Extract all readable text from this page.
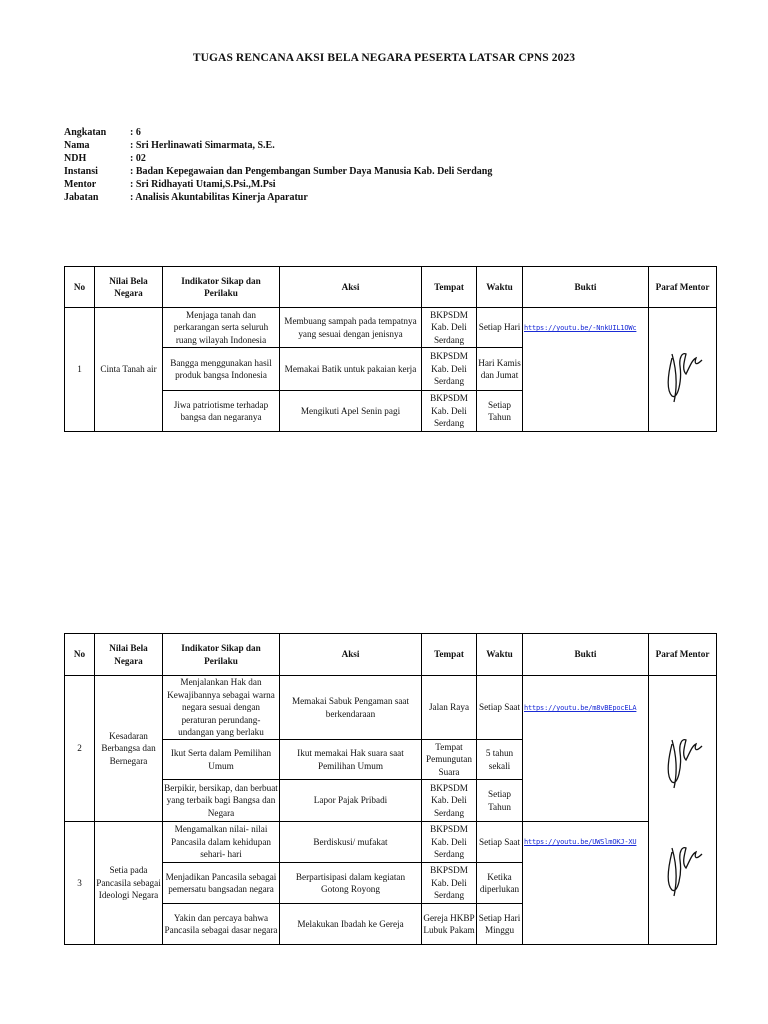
TUGAS RENCANA AKSI BELA NEGARA PESERTA LATSAR CPNS 2023
Angkatan	: 6
Nama	: Sri Herlinawati Simarmata, S.E.
NDH	: 02
Instansi	: Badan Kepegawaian dan Pengembangan Sumber Daya Manusia Kab. Deli Serdang
Mentor	: Sri Ridhayati Utami,S.Psi.,M.Psi
Jabatan	: Analisis Akuntabilitas Kinerja Aparatur
No	Nilai Bela Negara	Indikator Sikap dan Perilaku	Aksi	Tempat	Waktu	Bukti	Paraf Mentor
1	Cinta Tanah air	Menjaga tanah dan perkarangan serta seluruh ruang wilayah Indonesia	Membuang sampah pada tempatnya yang sesuai dengan jenisnya	BKPSDM Kab. Deli Serdang	Setiap Hari	https://youtu.be/-NnkUIL1OWc

		Bangga menggunakan hasil produk bangsa Indonesia	Memakai Batik untuk pakaian kerja	BKPSDM Kab. Deli Serdang	Hari Kamis dan Jumat		
		Jiwa patriotisme terhadap bangsa dan negaranya	Mengikuti Apel Senin pagi	BKPSDM Kab. Deli Serdang	Setiap Tahun		
No	Nilai Bela Negara	Indikator Sikap dan Perilaku	Aksi	Tempat	Waktu	Bukti	Paraf Mentor
2	Kesadaran Berbangsa dan Bernegara	Menjalankan Hak dan Kewajibannya sebagai warna negara sesuai dengan peraturan perundang-undangan yang berlaku	Memakai Sabuk Pengaman saat berkendaraan	Jalan Raya	Setiap Saat	https://youtu.be/m8vBEpocELA

		Ikut Serta dalam Pemilihan Umum	Ikut memakai Hak suara saat Pemilihan Umum	Tempat Pemungutan Suara	5 tahun sekali		
		Berpikir, bersikap, dan berbuat yang terbaik bagi Bangsa dan Negara	Lapor Pajak Pribadi	BKPSDM Kab. Deli Serdang	Setiap Tahun		
3	Setia pada Pancasila sebagai Ideologi Negara	Mengamalkan nilai- nilai Pancasila dalam kehidupan sehari- hari	Berdiskusi/ mufakat	BKPSDM Kab. Deli Serdang	Setiap Saat	https://youtu.be/UWSlmOKJ-XU	

		Menjadikan Pancasila sebagai pemersatu bangsadan negara	Berpartisipasi dalam kegiatan Gotong Royong	BKPSDM Kab. Deli Serdang	Ketika diperlukan		
		Yakin dan percaya bahwa Pancasila sebagai dasar negara	Melakukan Ibadah ke Gereja	Gereja HKBP Lubuk Pakam	Setiap Hari Minggu		
